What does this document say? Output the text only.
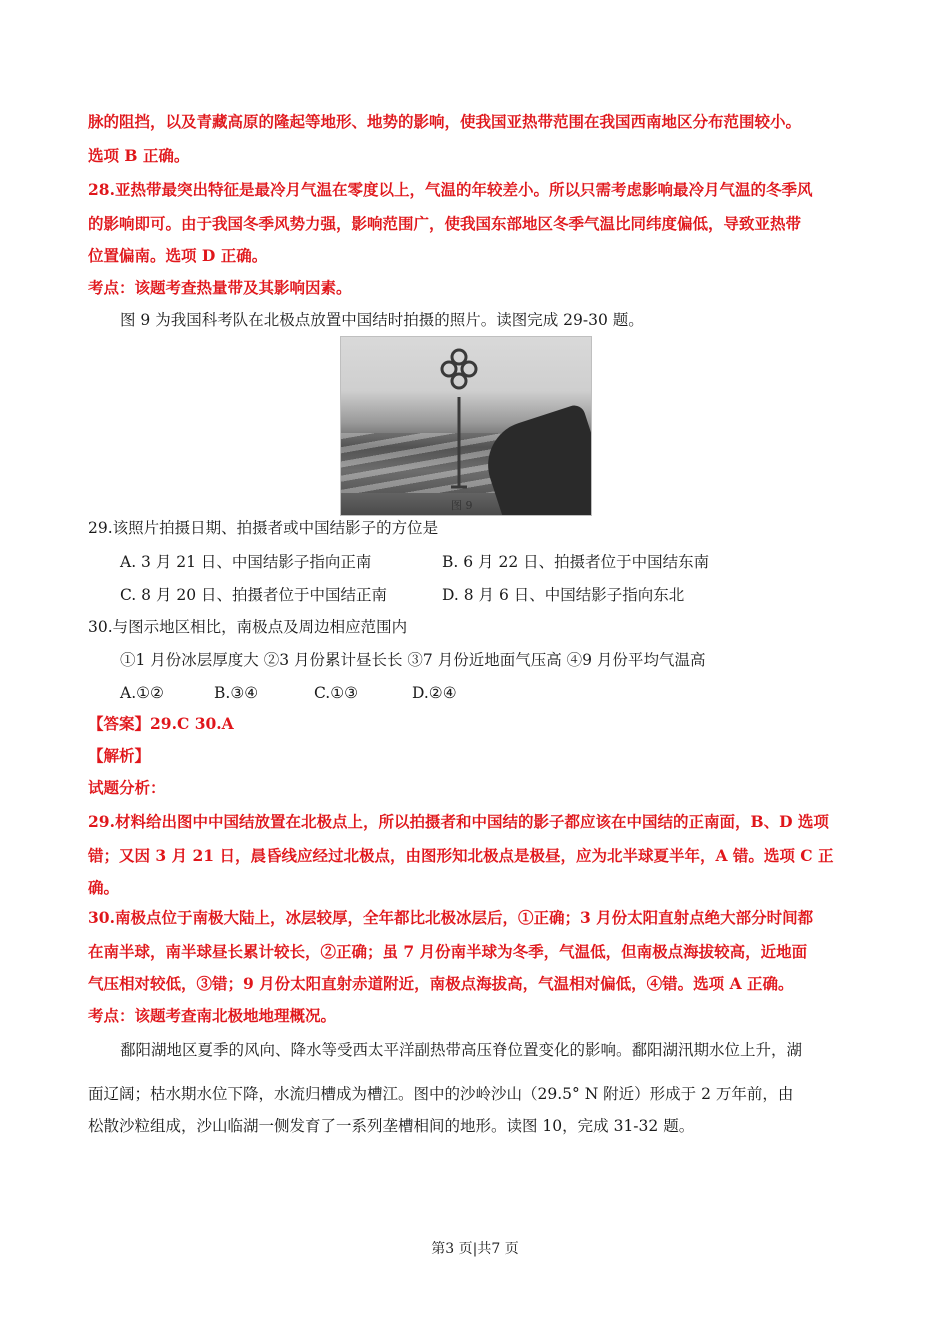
脉的阻挡，以及青藏高原的隆起等地形、地势的影响，使我国亚热带范围在我国西南地区分布范围较小。
选项 B 正确。
28.亚热带最突出特征是最冷月气温在零度以上，气温的年较差小。所以只需考虑影响最冷月气温的冬季风
的影响即可。由于我国冬季风势力强，影响范围广，使我国东部地区冬季气温比同纬度偏低，导致亚热带
位置偏南。选项 D 正确。
考点：该题考查热量带及其影响因素。
图 9 为我国科考队在北极点放置中国结时拍摄的照片。读图完成 29-30 题。
图 9
29.该照片拍摄日期、拍摄者或中国结影子的方位是
A. 3 月 21 日、中国结影子指向正南	B. 6 月 22 日、拍摄者位于中国结东南
C. 8 月 20 日、拍摄者位于中国结正南	D. 8 月 6 日、中国结影子指向东北
30.与图示地区相比，南极点及周边相应范围内
①1 月份冰层厚度大 ②3 月份累计昼长长 ③7 月份近地面气压高 ④9 月份平均气温高
A.①②	B.③④	C.①③	D.②④
【答案】29.C 30.A
【解析】
试题分析：
29.材料给出图中中国结放置在北极点上，所以拍摄者和中国结的影子都应该在中国结的正南面，B、D 选项
错；又因 3 月 21 日，晨昏线应经过北极点，由图形知北极点是极昼，应为北半球夏半年，A 错。选项 C 正
确。
30.南极点位于南极大陆上，冰层较厚，全年都比北极冰层后，①正确；3 月份太阳直射点绝大部分时间都
在南半球，南半球昼长累计较长，②正确；虽 7 月份南半球为冬季，气温低，但南极点海拔较高，近地面
气压相对较低，③错；9 月份太阳直射赤道附近，南极点海拔高，气温相对偏低，④错。选项 A 正确。
考点：该题考查南北极地地理概况。
鄱阳湖地区夏季的风向、降水等受西太平洋副热带高压脊位置变化的影响。鄱阳湖汛期水位上升，湖
面辽阔；枯水期水位下降，水流归槽成为槽江。图中的沙岭沙山（29.5° N 附近）形成于 2 万年前，由
松散沙粒组成，沙山临湖一侧发育了一系列垄槽相间的地形。读图 10，完成 31-32 题。
第3 页|共7 页
